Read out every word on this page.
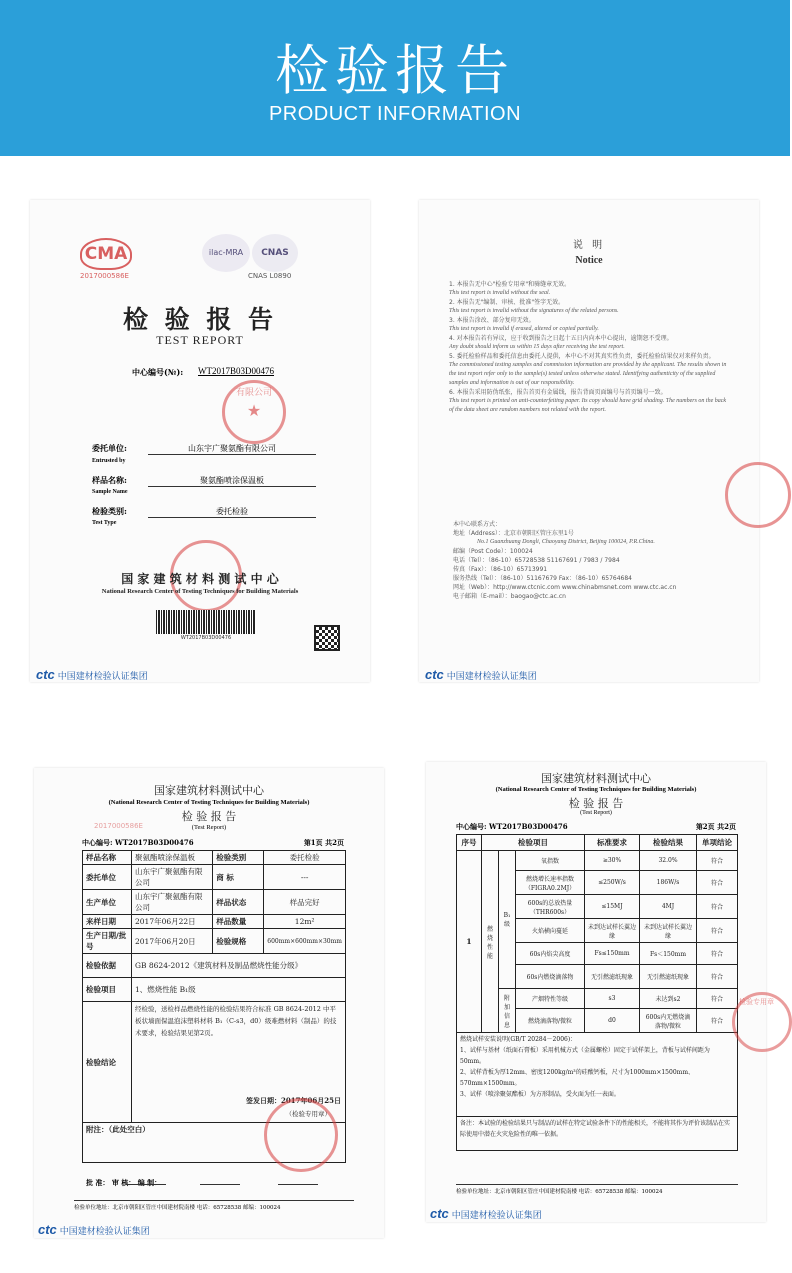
检验报告
PRODUCT INFORMATION
CMA
2017000586E
ilac-MRA	CNAS
CNAS L0890
检 验 报 告
TEST REPORT
中心编号(№): WT2017B03D00476
有限公司
★
委托单位:
Entrusted by
山东宇广聚氨酯有限公司
样品名称:
Sample Name
聚氨酯喷涂保温板
检验类别:
Test Type
委托检验
国 家 建 筑 材 料 测 试 中 心
National Research Center of Testing Techniques for Building Materials
WT2017B03D00476
ctc 中国建材检验认证集团
说 明
Notice
1. 本报告无中心"检验专用章"和骑缝章无效。
This test report is invalid without the seal.
2. 本报告无"编制、审核、批准"签字无效。
This test report is invalid without the signatures of the related persons.
3. 本报告涂改、部分复印无效。
This test report is invalid if erased, altered or copied partially.
4. 对本报告若有异议，应于收到报告之日起十五日内向本中心提出，逾期恕不受理。
Any doubt should inform us within 15 days after receiving the test report.
5. 委托检验样品和委托信息由委托人提供，本中心不对其真实性负责，委托检验结果仅对来样负责。
The commissioned testing samples and commission information are provided by the applicant. The results shown in the test report refer only to the sample(s) tested unless otherwise stated. Identifying authenticity of the supplied samples and information is out of our responsibility.
6. 本报告采用防伪纸张，报告首页有金属线，报告背面页面编号与首页编号一致。
This test report is printed on anti-counterfeiting paper. Its copy should have grid shading. The numbers on the back of the data sheet are random numbers not related with the report.
本中心联系方式：
地址（Address）：北京市朝阳区管庄东里1号
No.1 Guanzhuang Dongli, Chaoyang District, Beijing 100024, P.R.China.
邮编（Post Code）：100024
电话（Tel）：（86-10）65728538 51167691 / 7983 / 7984
传真（Fax）：（86-10）65713991
服务热线（Tel）：（86-10）51167679 Fax：（86-10）65764684
网址（Web）：http://www.ctcnic.com www.chinabmsnet.com www.ctc.ac.cn
电子邮箱（E-mail）：baogao@ctc.ac.cn
ctc 中国建材检验认证集团
国家建筑材料测试中心
(National Research Center of Testing Techniques for Building Materials)
检 验 报 告
(Test Report)
2017000586E
中心编号: WT2017B03D00476	第1页 共2页
样品名称	聚氨酯喷涂保温板	检验类别	委托检验
委托单位	山东宇广聚氨酯有限公司	商 标	---
生产单位	山东宇广聚氨酯有限公司	样品状态	样品完好
来样日期	2017年06月22日	样品数量	12m²
生产日期/批号	2017年06月20日	检验规格	600mm×600mm×30mm
检验依据	GB 8624-2012《建筑材料及制品燃烧性能分级》		
检验项目	1、燃烧性能 B₁级		
检验结论	经检验，送检样品燃烧性能的检验结果符合标准 GB 8624-2012 中平板状墙面保温泡沫塑料材料 B₁（C-s3，d0）级难燃材料（制品）的技术要求，检验结果见第2页。
签发日期：2017年06月25日
（检验专用章）		

附注：（此处空白）			
批 准： 审 核： 编 制：
检验单位地址：北京市朝阳区管庄中国建材院南楼 电话：65728538 邮编：100024
ctc 中国建材检验认证集团
国家建筑材料测试中心
(National Research Center of Testing Techniques for Building Materials)
检 验 报 告
(Test Report)
中心编号: WT2017B03D00476	第2页 共2页
序号	检验项目			标准要求	检验结果	单项结论
1	燃烧性能	B₁级	氧指数	≥30%	32.0%	符合
			燃烧增长速率指数（FIGRA0.2MJ）	≤250W/s	186W/s	符合
			600s的总放热量（THR600s）	≤15MJ	4MJ	符合
			火焰横向蔓延	未到达试样长翼边缘	未到达试样长翼边缘	符合
			60s内焰尖高度	Fs≤150mm	Fs＜150mm	符合
			60s内燃烧滴落物	无引燃滤纸现象	无引燃滤纸现象	符合
		附加信息	产烟特性等级	s3	未达到s2	符合
			燃烧滴落物/微粒	d0	600s内无燃烧滴落物/微粒	符合

燃烧试样安装说明(GB/T 20284－2006)：
1、试样与基材（纸面石膏板）采用机械方式（金属螺栓）固定于试样架上，背板与试样间距为50mm。
2、试样背板为厚12mm、密度1200kg/m³的硅酸钙板，尺寸为1000mm×1500mm、570mm×1500mm。
3、试样（喷涂聚氨酯板）为方形制品，受火面为任一表面。						

备注：本试验的检验结果只与制品的试样在特定试验条件下的性能相关，不能将其作为评价该制品在实际使用中潜在火灾危险性的唯一依据。						
检验专用章
检验单位地址：北京市朝阳区管庄中国建材院南楼 电话：65728538 邮编：100024
ctc 中国建材检验认证集团
